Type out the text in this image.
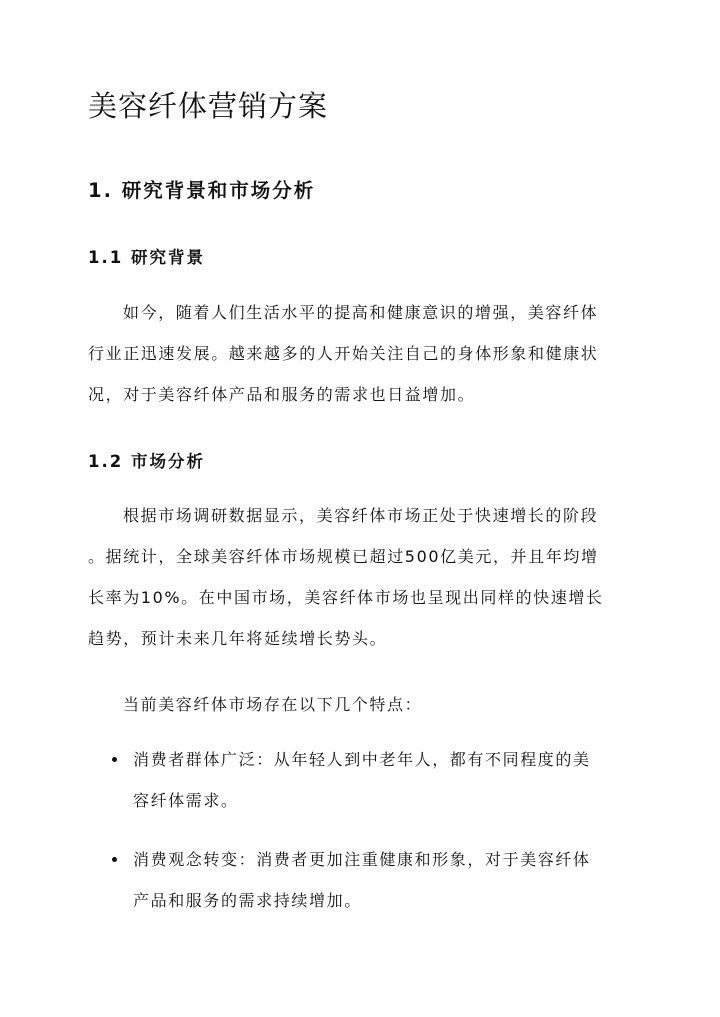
美容纤体营销方案
1. 研究背景和市场分析
1.1 研究背景

如今，随着人们生活水平的提高和健康意识的增强，美容纤体
行业正迅速发展。越来越多的人开始关注自己的身体形象和健康状
况，对于美容纤体产品和服务的需求也日益增加。

1.2 市场分析

根据市场调研数据显示，美容纤体市场正处于快速增长的阶段
。据统计，全球美容纤体市场规模已超过500亿美元，并且年均增
长率为10%。在中国市场，美容纤体市场也呈现出同样的快速增长
趋势，预计未来几年将延续增长势头。

当前美容纤体市场存在以下几个特点：

消费者群体广泛：从年轻人到中老年人，都有不同程度的美
容纤体需求。
消费观念转变：消费者更加注重健康和形象，对于美容纤体
产品和服务的需求持续增加。
